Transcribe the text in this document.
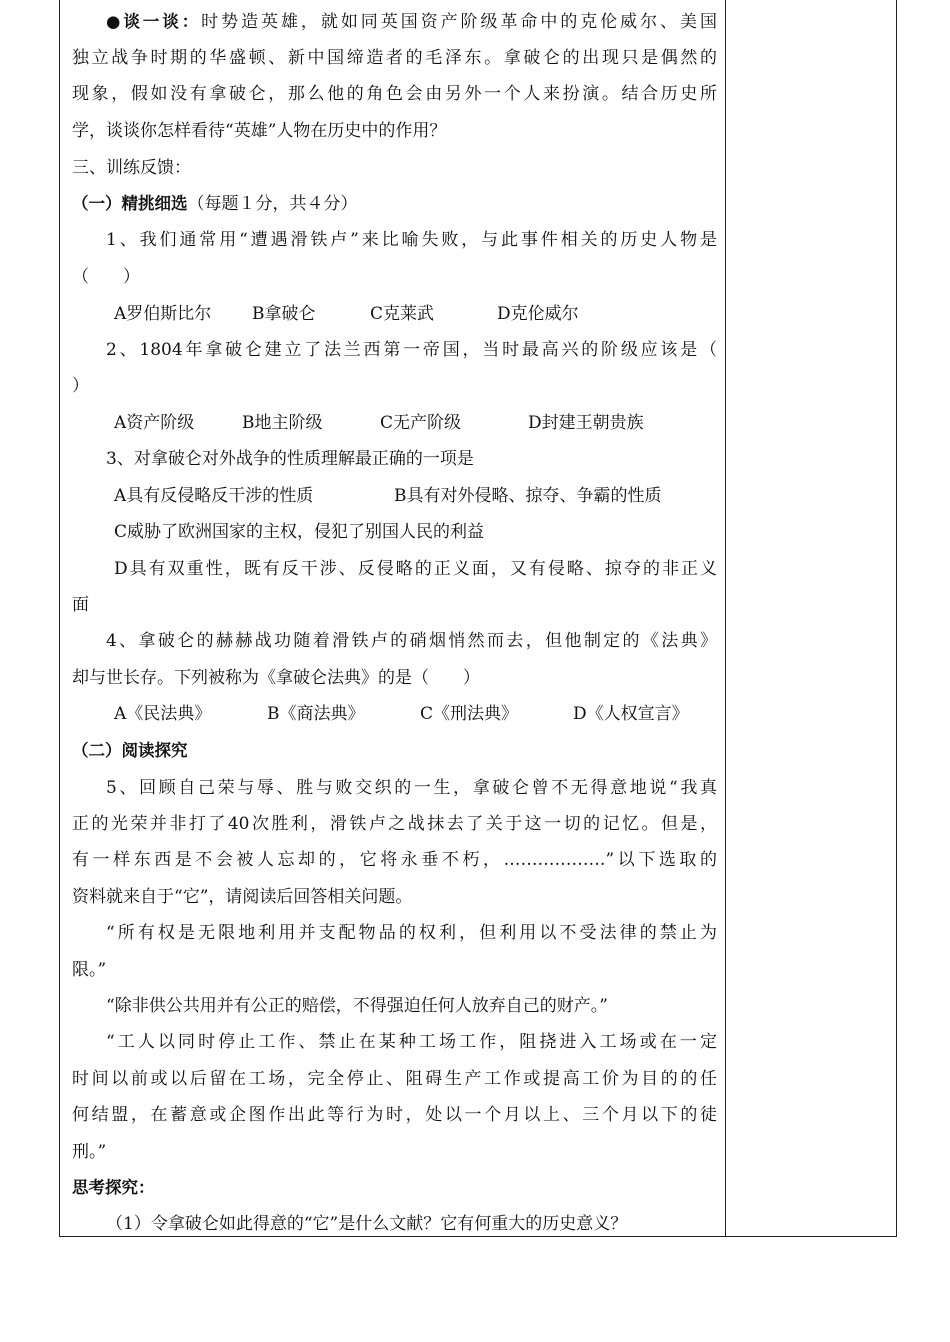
●谈一谈：时势造英雄，就如同英国资产阶级革命中的克伦威尔、美国
独立战争时期的华盛顿、新中国缔造者的毛泽东。拿破仑的出现只是偶然的
现象，假如没有拿破仑，那么他的角色会由另外一个人来扮演。结合历史所
学，谈谈你怎样看待“英雄”人物在历史中的作用？
三、训练反馈：
（一）精挑细选（每题１分，共４分）
1、我们通常用“遭遇滑铁卢”来比喻失败，与此事件相关的历史人物是
（　　）
A罗伯斯比尔	B拿破仑	C克莱武	D克伦威尔
2、1804年拿破仑建立了法兰西第一帝国，当时最高兴的阶级应该是（
）
A资产阶级	B地主阶级	C无产阶级	D封建王朝贵族
3、对拿破仑对外战争的性质理解最正确的一项是
A具有反侵略反干涉的性质	B具有对外侵略、掠夺、争霸的性质
C威胁了欧洲国家的主权，侵犯了别国人民的利益
D具有双重性，既有反干涉、反侵略的正义面，又有侵略、掠夺的非正义
面
4、拿破仑的赫赫战功随着滑铁卢的硝烟悄然而去，但他制定的《法典》
却与世长存。下列被称为《拿破仑法典》的是（　　）
A《民法典》	B《商法典》	C《刑法典》	D《人权宣言》
（二）阅读探究
5、回顾自己荣与辱、胜与败交织的一生，拿破仑曾不无得意地说“我真
正的光荣并非打了40次胜利，滑铁卢之战抹去了关于这一切的记忆。但是，
有一样东西是不会被人忘却的，它将永垂不朽，………………”以下选取的
资料就来自于“它”，请阅读后回答相关问题。
“所有权是无限地利用并支配物品的权利，但利用以不受法律的禁止为
限。”
“除非供公共用并有公正的赔偿，不得强迫任何人放弃自己的财产。”
“工人以同时停止工作、禁止在某种工场工作，阻挠进入工场或在一定
时间以前或以后留在工场，完全停止、阻碍生产工作或提高工价为目的的任
何结盟，在蓄意或企图作出此等行为时，处以一个月以上、三个月以下的徒
刑。”
思考探究：
（1）令拿破仑如此得意的“它”是什么文献？它有何重大的历史意义？
